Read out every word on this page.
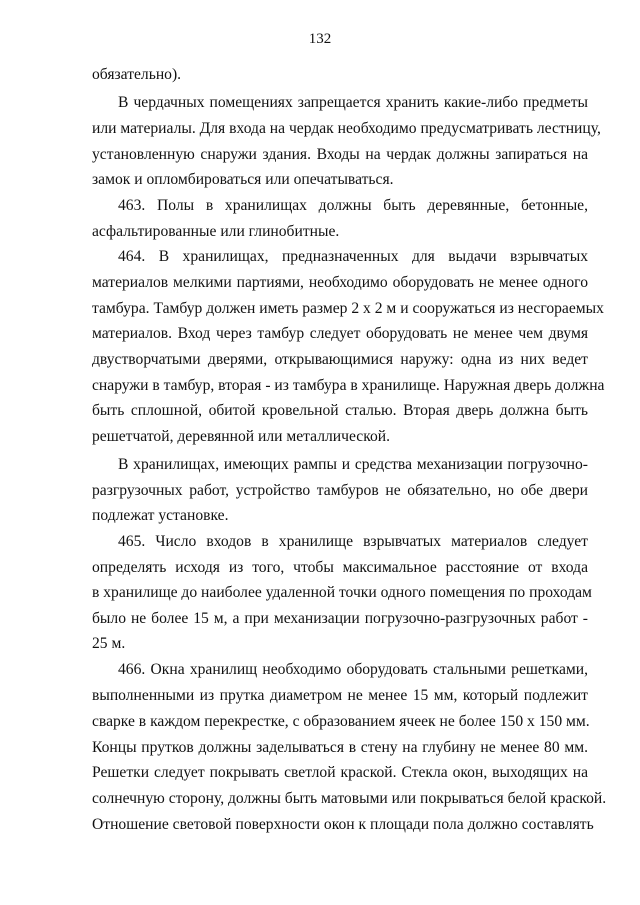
132
обязательно).
В чердачных помещениях запрещается хранить какие-либо предметы
или материалы. Для входа на чердак необходимо предусматривать лестницу,
установленную снаружи здания. Входы на чердак должны запираться на
замок и опломбироваться или опечатываться.
463. Полы в хранилищах должны быть деревянные, бетонные,
асфальтированные или глинобитные.
464. В хранилищах, предназначенных для выдачи взрывчатых
материалов мелкими партиями, необходимо оборудовать не менее одного
тамбура. Тамбур должен иметь размер 2 х 2 м и сооружаться из несгораемых
материалов. Вход через тамбур следует оборудовать не менее чем двумя
двустворчатыми дверями, открывающимися наружу: одна из них ведет
снаружи в тамбур, вторая - из тамбура в хранилище. Наружная дверь должна
быть сплошной, обитой кровельной сталью. Вторая дверь должна быть
решетчатой, деревянной или металлической.
В хранилищах, имеющих рампы и средства механизации погрузочно-
разгрузочных работ, устройство тамбуров не обязательно, но обе двери
подлежат установке.
465. Число входов в хранилище взрывчатых материалов следует
определять исходя из того, чтобы максимальное расстояние от входа
в хранилище до наиболее удаленной точки одного помещения по проходам
было не более 15 м, а при механизации погрузочно-разгрузочных работ -
25 м.
466. Окна хранилищ необходимо оборудовать стальными решетками,
выполненными из прутка диаметром не менее 15 мм, который подлежит
сварке в каждом перекрестке, с образованием ячеек не более 150 х 150 мм.
Концы прутков должны заделываться в стену на глубину не менее 80 мм.
Решетки следует покрывать светлой краской. Стекла окон, выходящих на
солнечную сторону, должны быть матовыми или покрываться белой краской.
Отношение световой поверхности окон к площади пола должно составлять
